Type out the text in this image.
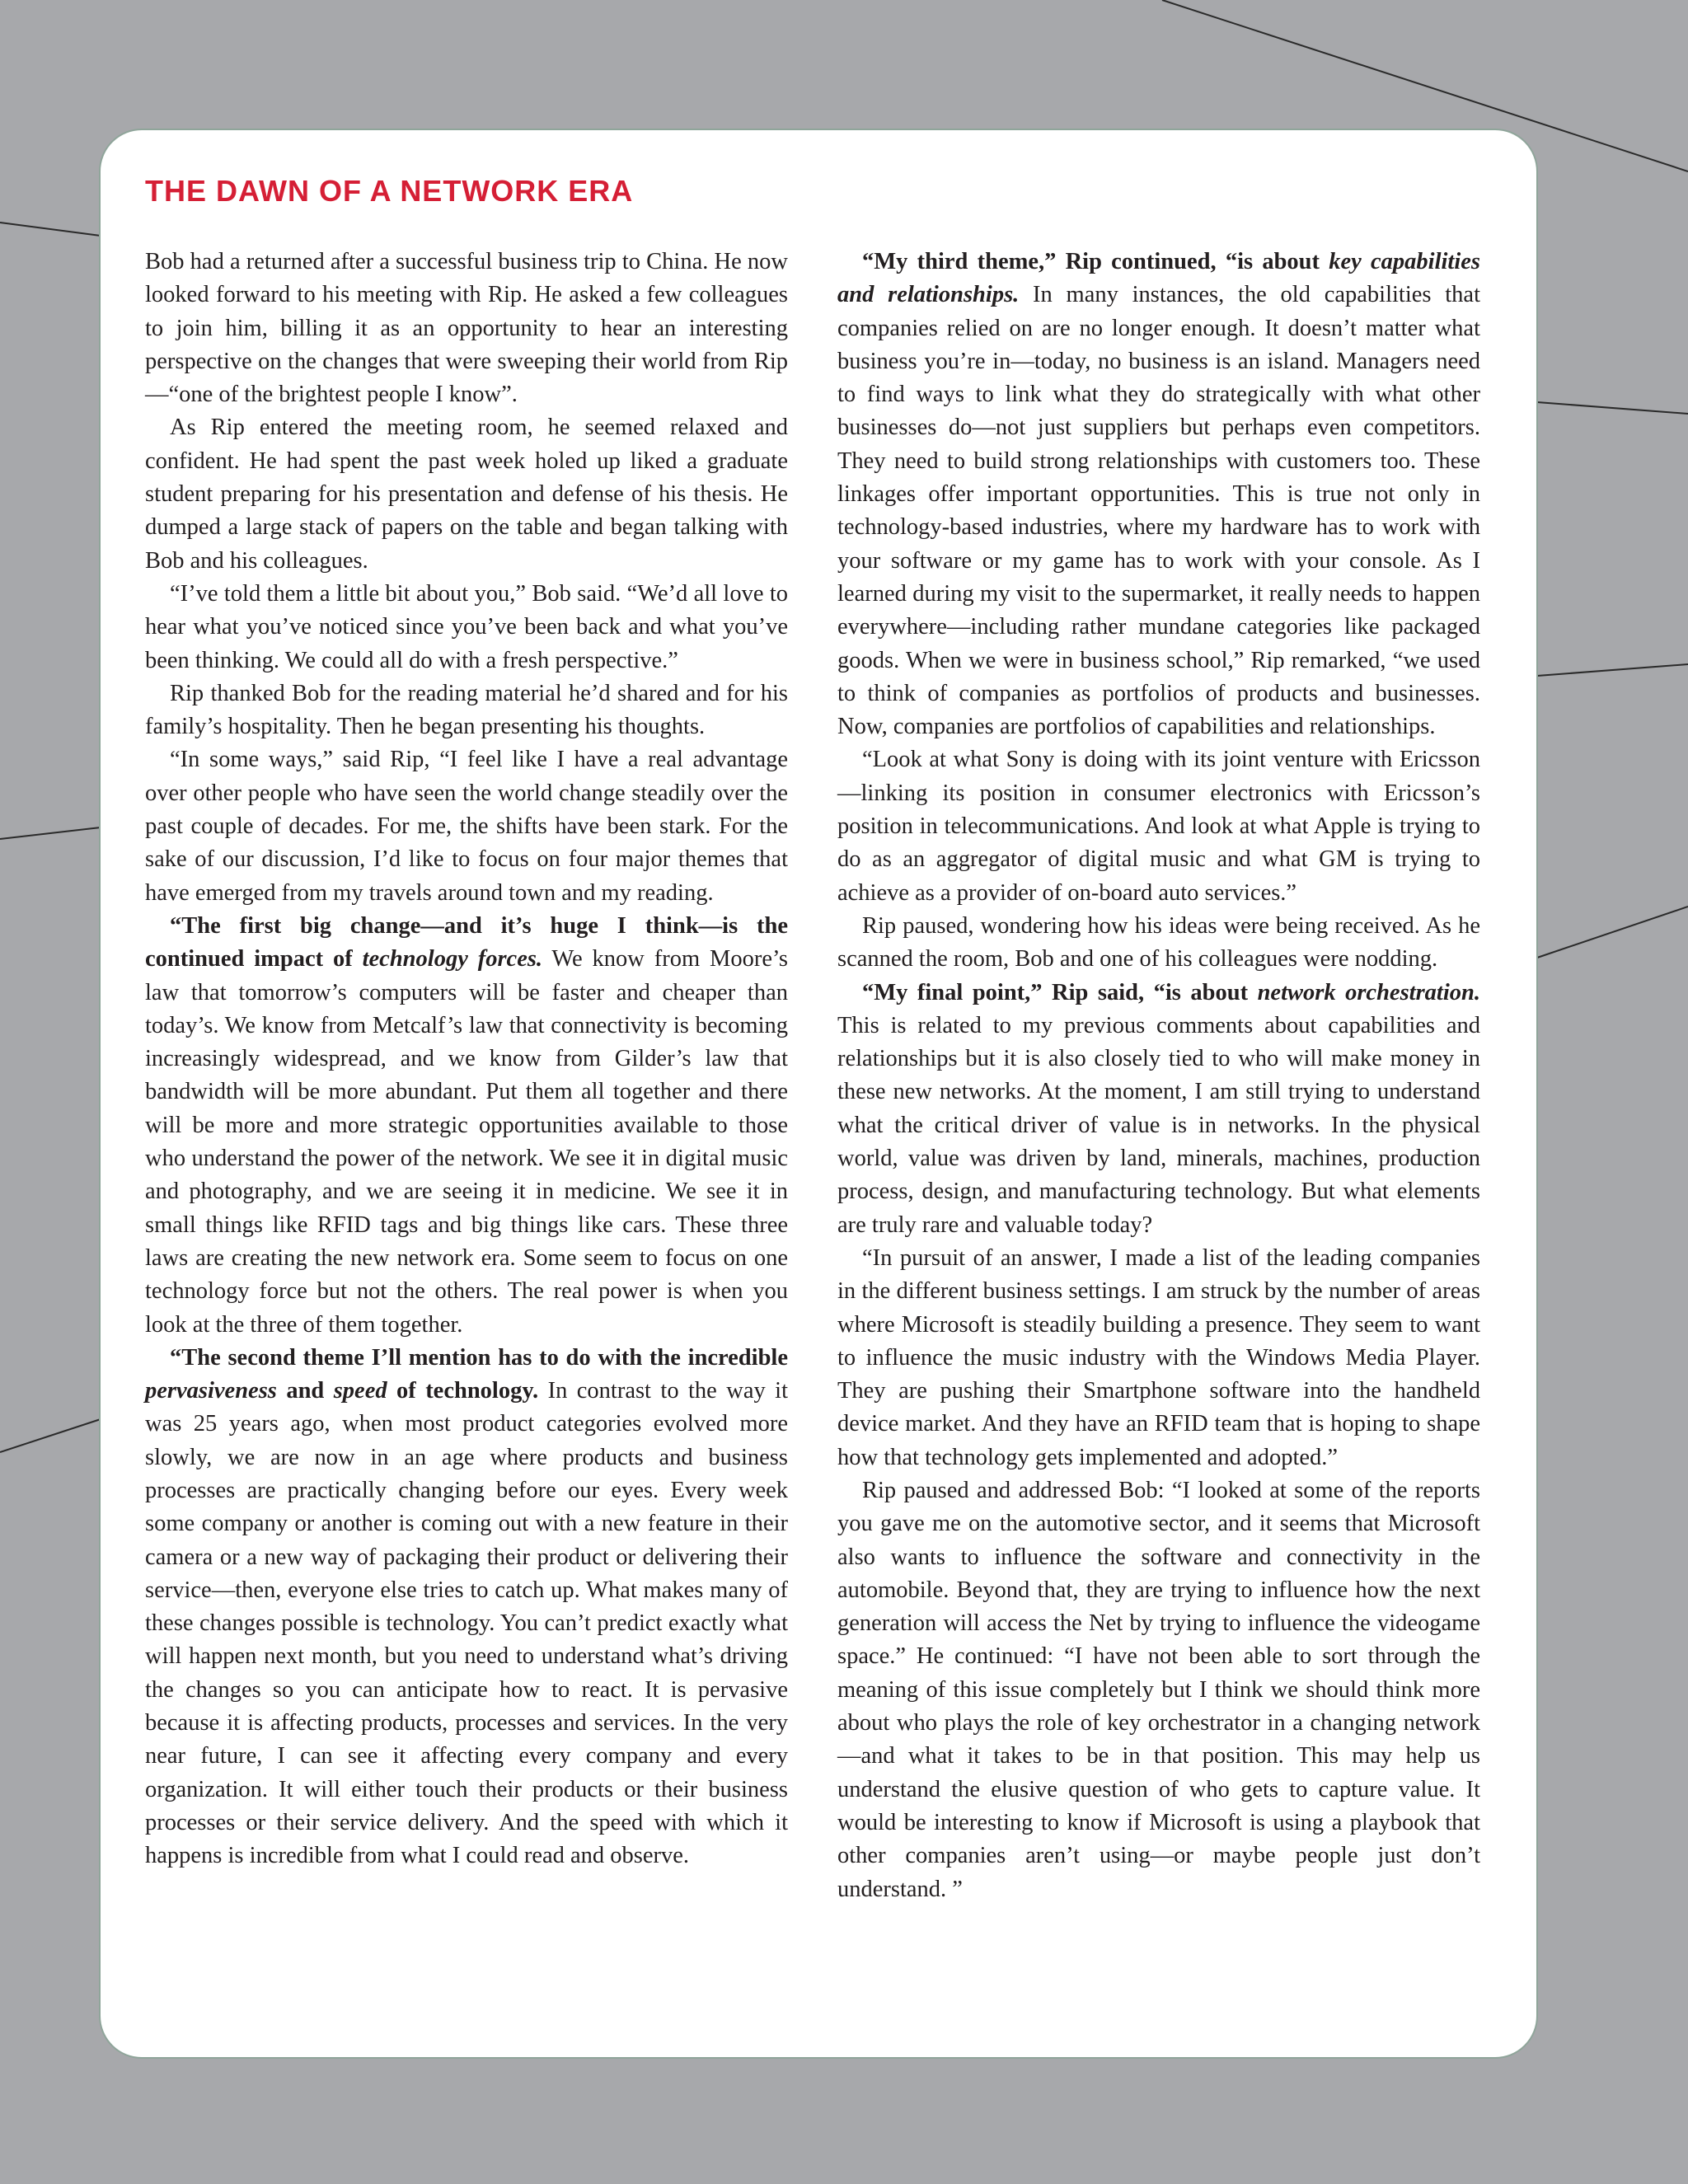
THE DAWN OF A NETWORK ERA

Bob had a returned after a successful business trip to China. He now looked forward to his meeting with Rip. He asked a few colleagues to join him, billing it as an opportunity to hear an interesting perspective on the changes that were sweeping their world from Rip—“one of the brightest people I know”.

As Rip entered the meeting room, he seemed relaxed and confident. He had spent the past week holed up liked a graduate student preparing for his presentation and defense of his thesis. He dumped a large stack of papers on the table and began talking with Bob and his colleagues.

“I’ve told them a little bit about you,” Bob said. “We’d all love to hear what you’ve noticed since you’ve been back and what you’ve been thinking. We could all do with a fresh perspective.”

Rip thanked Bob for the reading material he’d shared and for his family’s hospitality. Then he began presenting his thoughts.

“In some ways,” said Rip, “I feel like I have a real advantage over other people who have seen the world change steadily over the past couple of decades. For me, the shifts have been stark. For the sake of our discussion, I’d like to focus on four major themes that have emerged from my travels around town and my reading.

“The first big change—and it’s huge I think—is the continued impact of technology forces. We know from Moore’s law that tomorrow’s computers will be faster and cheaper than today’s. We know from Metcalf’s law that connectivity is becoming increasingly widespread, and we know from Gilder’s law that bandwidth will be more abundant. Put them all together and there will be more and more strategic opportunities available to those who understand the power of the network. We see it in digital music and photography, and we are seeing it in medicine. We see it in small things like RFID tags and big things like cars. These three laws are creating the new network era. Some seem to focus on one technology force but not the others. The real power is when you look at the three of them together.

“The second theme I’ll mention has to do with the incredible pervasiveness and speed of technology. In contrast to the way it was 25 years ago, when most product categories evolved more slowly, we are now in an age where products and business processes are practically changing before our eyes. Every week some company or another is coming out with a new feature in their camera or a new way of packaging their product or delivering their service—then, everyone else tries to catch up. What makes many of these changes possible is technology. You can’t predict exactly what will happen next month, but you need to understand what’s driving the changes so you can anticipate how to react. It is pervasive because it is affecting products, processes and services. In the very near future, I can see it affecting every company and every organization. It will either touch their products or their business processes or their service delivery. And the speed with which it happens is incredible from what I could read and observe.

“My third theme,” Rip continued, “is about key capabilities and relationships. In many instances, the old capabilities that companies relied on are no longer enough. It doesn’t matter what business you’re in—today, no business is an island. Managers need to find ways to link what they do strategically with what other businesses do—not just suppliers but perhaps even competitors. They need to build strong relationships with customers too. These linkages offer important opportunities. This is true not only in technology-based industries, where my hardware has to work with your software or my game has to work with your console. As I learned during my visit to the supermarket, it really needs to happen everywhere—including rather mundane categories like packaged goods. When we were in business school,” Rip remarked, “we used to think of companies as portfolios of products and businesses. Now, companies are portfolios of capabilities and relationships.

“Look at what Sony is doing with its joint venture with Ericsson—linking its position in consumer electronics with Ericsson’s position in telecommunications. And look at what Apple is trying to do as an aggregator of digital music and what GM is trying to achieve as a provider of on-board auto services.”

Rip paused, wondering how his ideas were being received. As he scanned the room, Bob and one of his colleagues were nodding.

“My final point,” Rip said, “is about network orchestration. This is related to my previous comments about capabilities and relationships but it is also closely tied to who will make money in these new networks. At the moment, I am still trying to understand what the critical driver of value is in networks. In the physical world, value was driven by land, minerals, machines, production process, design, and manufacturing technology. But what elements are truly rare and valuable today?

“In pursuit of an answer, I made a list of the leading companies in the different business settings. I am struck by the number of areas where Microsoft is steadily building a presence. They seem to want to influence the music industry with the Windows Media Player. They are pushing their Smartphone software into the handheld device market. And they have an RFID team that is hoping to shape how that technology gets implemented and adopted.”

Rip paused and addressed Bob: “I looked at some of the reports you gave me on the automotive sector, and it seems that Microsoft also wants to influence the software and connectivity in the automobile. Beyond that, they are trying to influence how the next generation will access the Net by trying to influence the videogame space.” He continued: “I have not been able to sort through the meaning of this issue completely but I think we should think more about who plays the role of key orchestrator in a changing network—and what it takes to be in that position. This may help us understand the elusive question of who gets to capture value. It would be interesting to know if Microsoft is using a playbook that other companies aren’t using—or maybe people just don’t understand. ”
